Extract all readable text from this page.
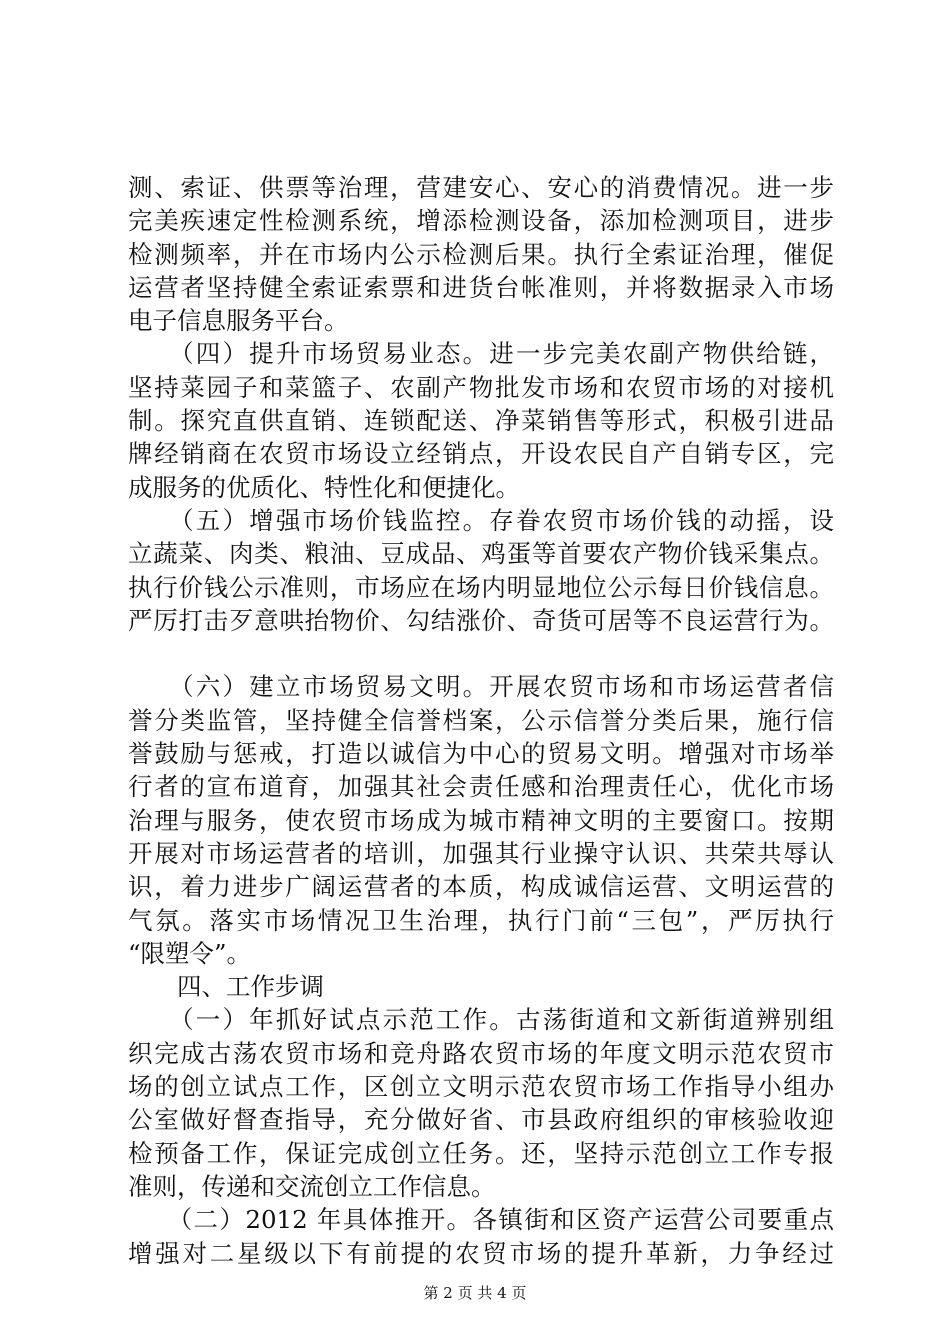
测、索证、供票等治理，营建安心、安心的消费情况。进一步
完美疾速定性检测系统，增添检测设备，添加检测项目，进步
检测频率，并在市场内公示检测后果。执行全索证治理，催促
运营者坚持健全索证索票和进货台帐准则，并将数据录入市场
电子信息服务平台。
　　（四）提升市场贸易业态。进一步完美农副产物供给链，
坚持菜园子和菜篮子、农副产物批发市场和农贸市场的对接机
制。探究直供直销、连锁配送、净菜销售等形式，积极引进品
牌经销商在农贸市场设立经销点，开设农民自产自销专区，完
成服务的优质化、特性化和便捷化。
　　（五）增强市场价钱监控。存眷农贸市场价钱的动摇，设
立蔬菜、肉类、粮油、豆成品、鸡蛋等首要农产物价钱采集点。
执行价钱公示准则，市场应在场内明显地位公示每日价钱信息。
严厉打击歹意哄抬物价、勾结涨价、奇货可居等不良运营行为。
　　（六）建立市场贸易文明。开展农贸市场和市场运营者信
誉分类监管，坚持健全信誉档案，公示信誉分类后果，施行信
誉鼓励与惩戒，打造以诚信为中心的贸易文明。增强对市场举
行者的宣布道育，加强其社会责任感和治理责任心，优化市场
治理与服务，使农贸市场成为城市精神文明的主要窗口。按期
开展对市场运营者的培训，加强其行业操守认识、共荣共辱认
识，着力进步广阔运营者的本质，构成诚信运营、文明运营的
气氛。落实市场情况卫生治理，执行门前“三包”，严厉执行
“限塑令”。
　　四、工作步调
　　（一）年抓好试点示范工作。古荡街道和文新街道辨别组
织完成古荡农贸市场和竞舟路农贸市场的年度文明示范农贸市
场的创立试点工作，区创立文明示范农贸市场工作指导小组办
公室做好督查指导，充分做好省、市县政府组织的审核验收迎
检预备工作，保证完成创立任务。还，坚持示范创立工作专报
准则，传递和交流创立工作信息。
　　（二）2012 年具体推开。各镇街和区资产运营公司要重点
增强对二星级以下有前提的农贸市场的提升革新，力争经过
第 2 页 共 4 页
